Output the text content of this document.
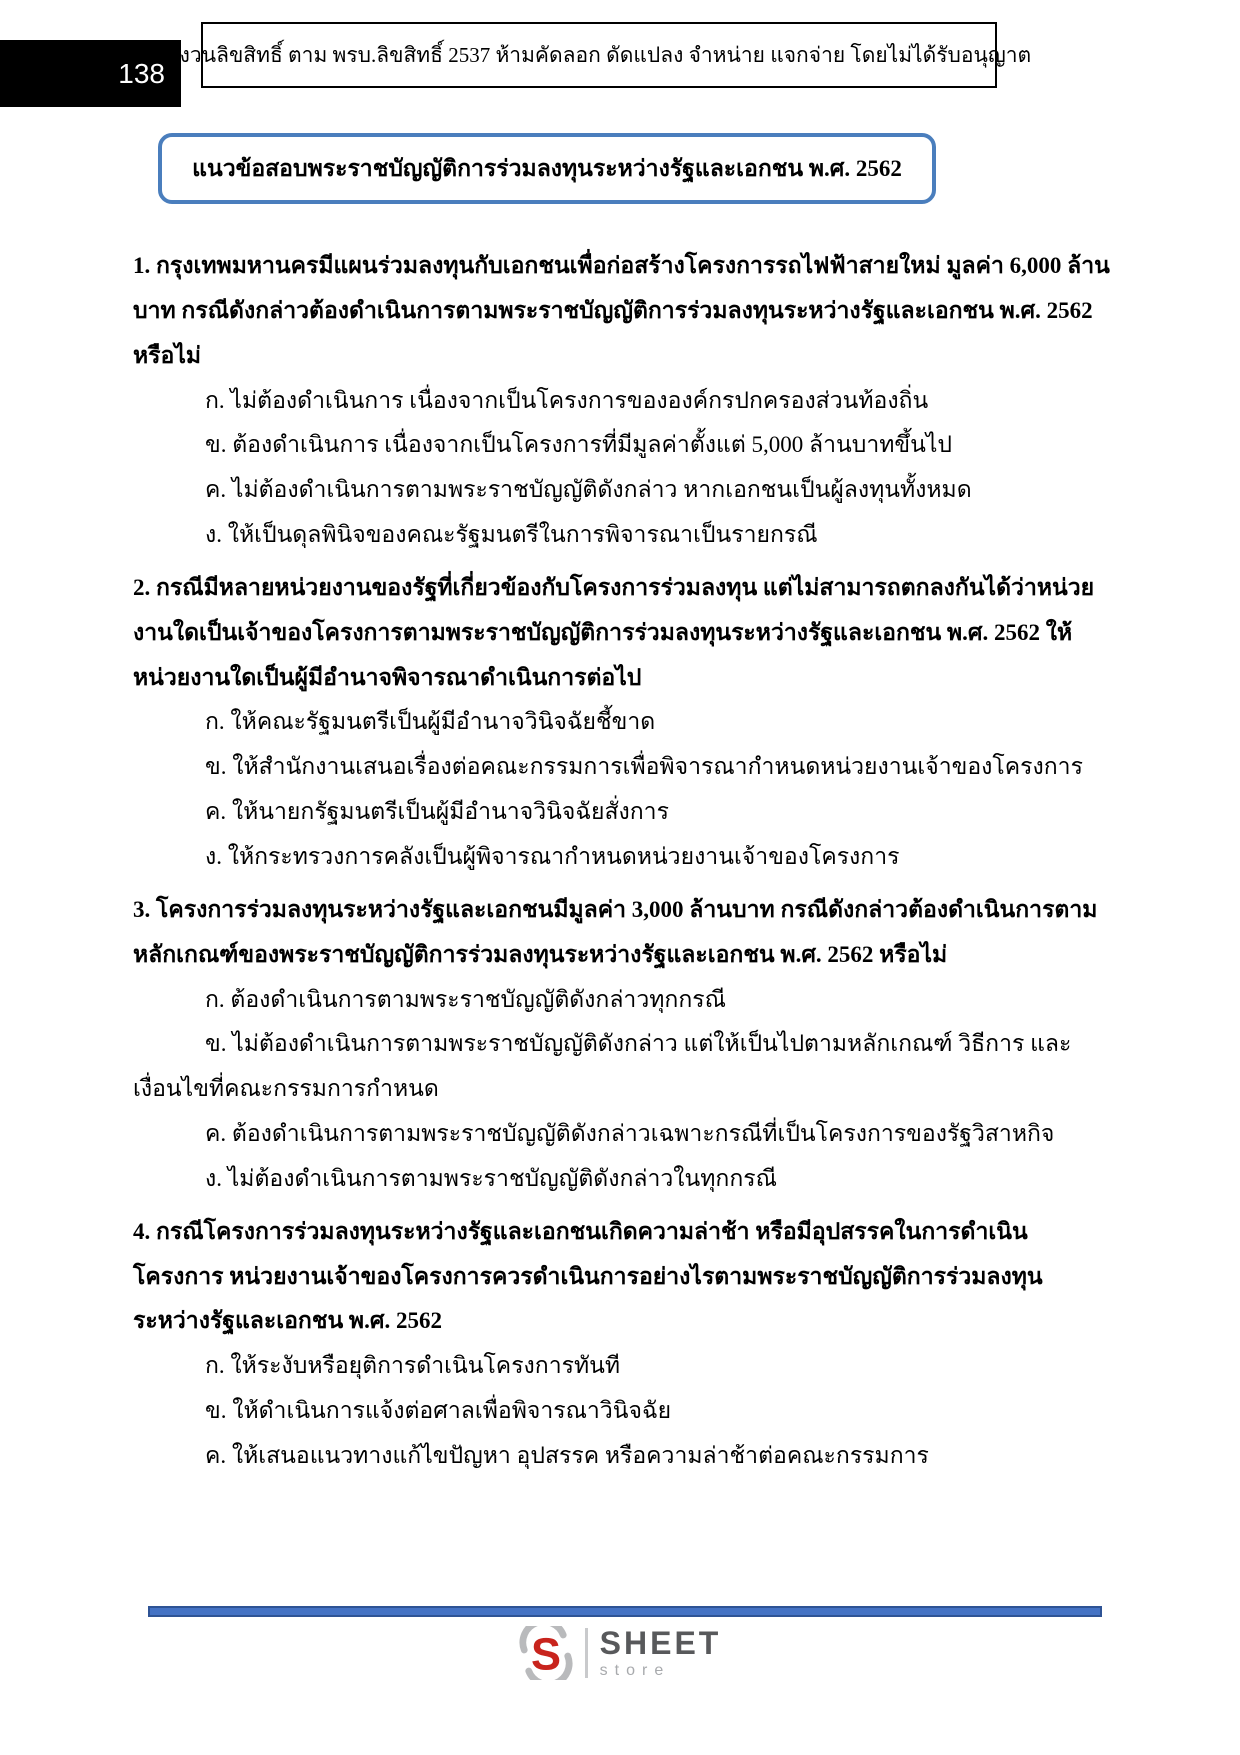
138
สงวนลิขสิทธิ์ ตาม พรบ.ลิขสิทธิ์ 2537 ห้ามคัดลอก ดัดแปลง จำหน่าย แจกจ่าย โดยไม่ได้รับอนุญาต
แนวข้อสอบพระราชบัญญัติการร่วมลงทุนระหว่างรัฐและเอกชน พ.ศ. 2562

1. กรุงเทพมหานครมีแผนร่วมลงทุนกับเอกชนเพื่อก่อสร้างโครงการรถไฟฟ้าสายใหม่ มูลค่า 6,000 ล้านบาท กรณีดังกล่าวต้องดำเนินการตามพระราชบัญญัติการร่วมลงทุนระหว่างรัฐและเอกชน พ.ศ. 2562 หรือไม่

ก. ไม่ต้องดำเนินการ เนื่องจากเป็นโครงการขององค์กรปกครองส่วนท้องถิ่น

ข. ต้องดำเนินการ เนื่องจากเป็นโครงการที่มีมูลค่าตั้งแต่ 5,000 ล้านบาทขึ้นไป

ค. ไม่ต้องดำเนินการตามพระราชบัญญัติดังกล่าว หากเอกชนเป็นผู้ลงทุนทั้งหมด

ง. ให้เป็นดุลพินิจของคณะรัฐมนตรีในการพิจารณาเป็นรายกรณี

2. กรณีมีหลายหน่วยงานของรัฐที่เกี่ยวข้องกับโครงการร่วมลงทุน แต่ไม่สามารถตกลงกันได้ว่าหน่วยงานใดเป็นเจ้าของโครงการตามพระราชบัญญัติการร่วมลงทุนระหว่างรัฐและเอกชน พ.ศ. 2562 ให้หน่วยงานใดเป็นผู้มีอำนาจพิจารณาดำเนินการต่อไป

ก. ให้คณะรัฐมนตรีเป็นผู้มีอำนาจวินิจฉัยชี้ขาด

ข. ให้สำนักงานเสนอเรื่องต่อคณะกรรมการเพื่อพิจารณากำหนดหน่วยงานเจ้าของโครงการ

ค. ให้นายกรัฐมนตรีเป็นผู้มีอำนาจวินิจฉัยสั่งการ

ง. ให้กระทรวงการคลังเป็นผู้พิจารณากำหนดหน่วยงานเจ้าของโครงการ

3. โครงการร่วมลงทุนระหว่างรัฐและเอกชนมีมูลค่า 3,000 ล้านบาท กรณีดังกล่าวต้องดำเนินการตามหลักเกณฑ์ของพระราชบัญญัติการร่วมลงทุนระหว่างรัฐและเอกชน พ.ศ. 2562 หรือไม่

ก. ต้องดำเนินการตามพระราชบัญญัติดังกล่าวทุกกรณี

ข. ไม่ต้องดำเนินการตามพระราชบัญญัติดังกล่าว แต่ให้เป็นไปตามหลักเกณฑ์ วิธีการ และเงื่อนไขที่คณะกรรมการกำหนด

ค. ต้องดำเนินการตามพระราชบัญญัติดังกล่าวเฉพาะกรณีที่เป็นโครงการของรัฐวิสาหกิจ

ง. ไม่ต้องดำเนินการตามพระราชบัญญัติดังกล่าวในทุกกรณี

4. กรณีโครงการร่วมลงทุนระหว่างรัฐและเอกชนเกิดความล่าช้า หรือมีอุปสรรคในการดำเนินโครงการ หน่วยงานเจ้าของโครงการควรดำเนินการอย่างไรตามพระราชบัญญัติการร่วมลงทุนระหว่างรัฐและเอกชน พ.ศ. 2562

ก. ให้ระงับหรือยุติการดำเนินโครงการทันที

ข. ให้ดำเนินการแจ้งต่อศาลเพื่อพิจารณาวินิจฉัย

ค. ให้เสนอแนวทางแก้ไขปัญหา อุปสรรค หรือความล่าช้าต่อคณะกรรมการ

S SHEET
store
